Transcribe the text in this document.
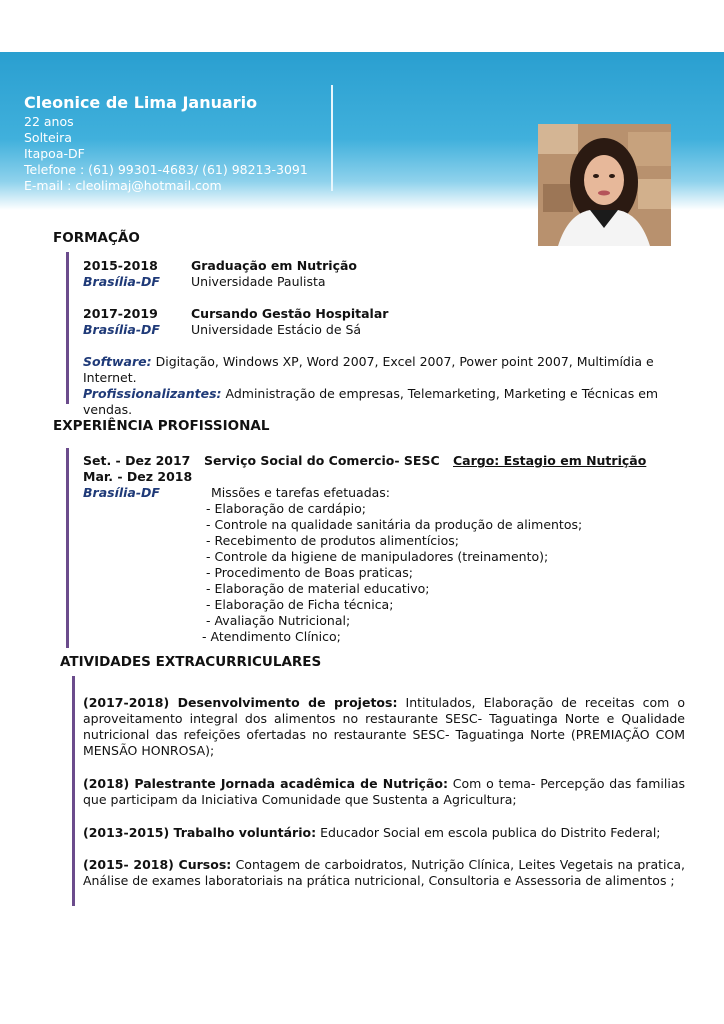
Cleonice de Lima Januario
22 anos
Solteira
Itapoa-DF
Telefone : (61) 99301-4683/ (61) 98213-3091
E-mail : cleolimaj@hotmail.com
FORMAÇÃO
2015-2018	Graduação em Nutrição
Brasília-DF Universidade Paulista
2017-2019	Cursando Gestão Hospitalar
Brasília-DF Universidade Estácio de Sá
Software: Digitação, Windows XP, Word 2007, Excel 2007, Power point 2007, Multimídia e
Internet.
Profissionalizantes: Administração de empresas, Telemarketing, Marketing e Técnicas em vendas.
EXPERIÊNCIA PROFISSIONAL
Set. - Dez 2017 Serviço Social do Comercio- SESC Cargo: Estagio em Nutrição
Mar. - Dez 2018
Brasília-DF	Missões e tarefas efetuadas:
- Elaboração de cardápio;
- Controle na qualidade sanitária da produção de alimentos;
- Recebimento de produtos alimentícios;
- Controle da higiene de manipuladores (treinamento);
- Procedimento de Boas praticas;
- Elaboração de material educativo;
- Elaboração de Ficha técnica;
- Avaliação Nutricional;
- Atendimento Clínico;
ATIVIDADES EXTRACURRICULARES
(2017-2018) Desenvolvimento de projetos: Intitulados, Elaboração de receitas com o aproveitamento integral dos alimentos no restaurante SESC- Taguatinga Norte e Qualidade nutricional das refeições ofertadas no restaurante SESC- Taguatinga Norte (PREMIAÇÃO COM MENSÃO HONROSA);
(2018) Palestrante Jornada acadêmica de Nutrição: Com o tema- Percepção das familias que participam da Iniciativa Comunidade que Sustenta a Agricultura;
(2013-2015) Trabalho voluntário: Educador Social em escola publica do Distrito Federal;
(2015- 2018) Cursos: Contagem de carboidratos, Nutrição Clínica, Leites Vegetais na pratica, Análise de exames laboratoriais na prática nutricional, Consultoria e Assessoria de alimentos ;
